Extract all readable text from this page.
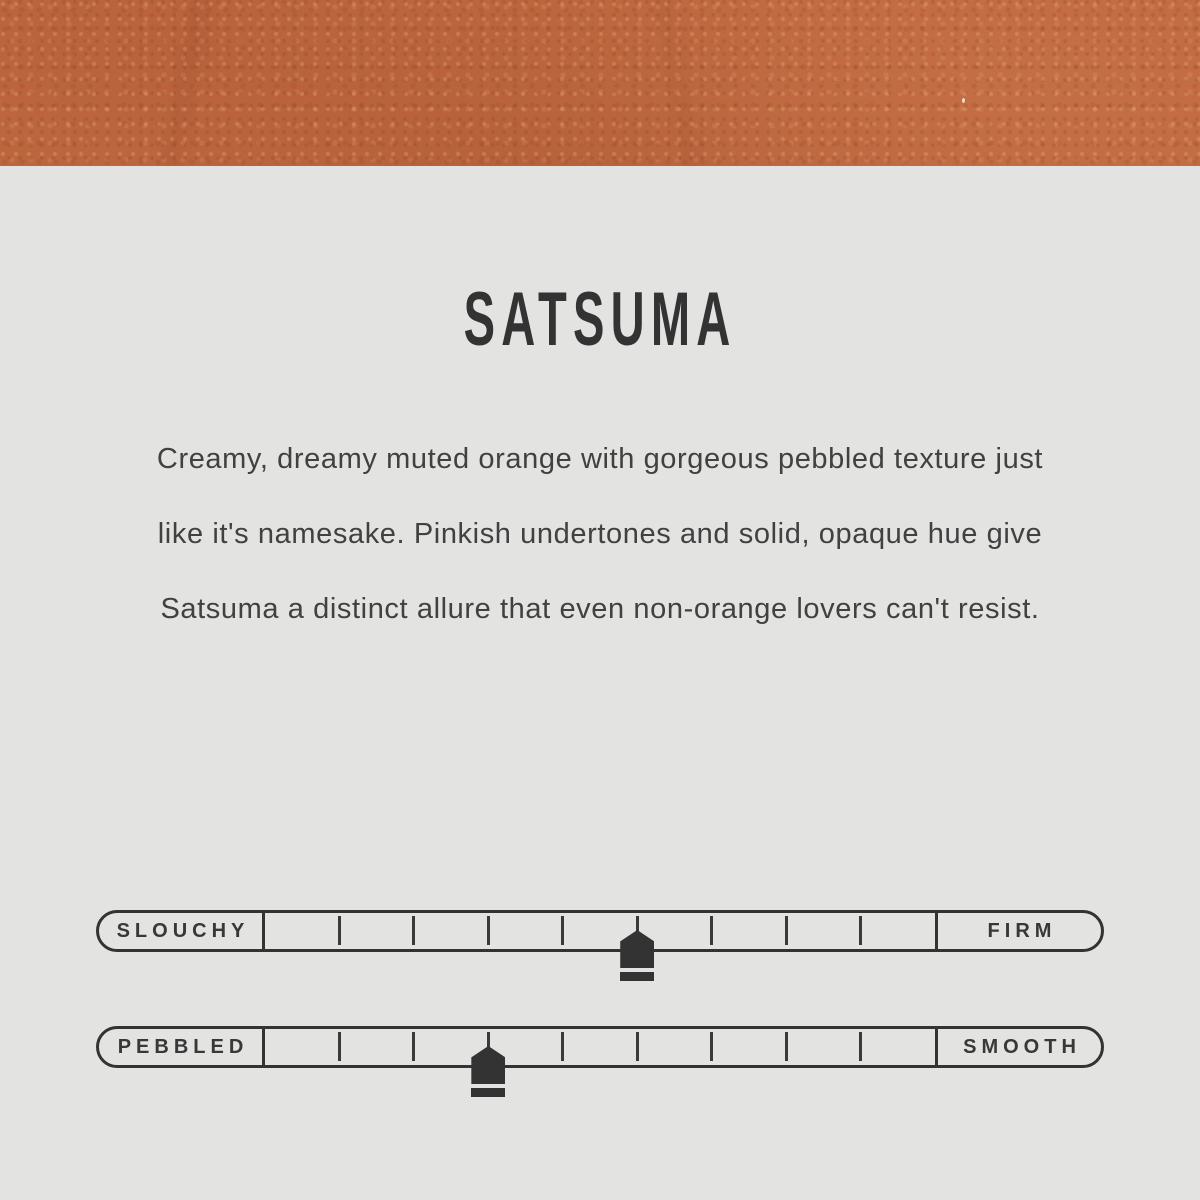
SATSUMA
Creamy, dreamy muted orange with gorgeous pebbled texture just
like it's namesake. Pinkish undertones and solid, opaque hue give
Satsuma a distinct allure that even non-orange lovers can't resist.
SLOUCHY	FIRM
PEBBLED	SMOOTH
